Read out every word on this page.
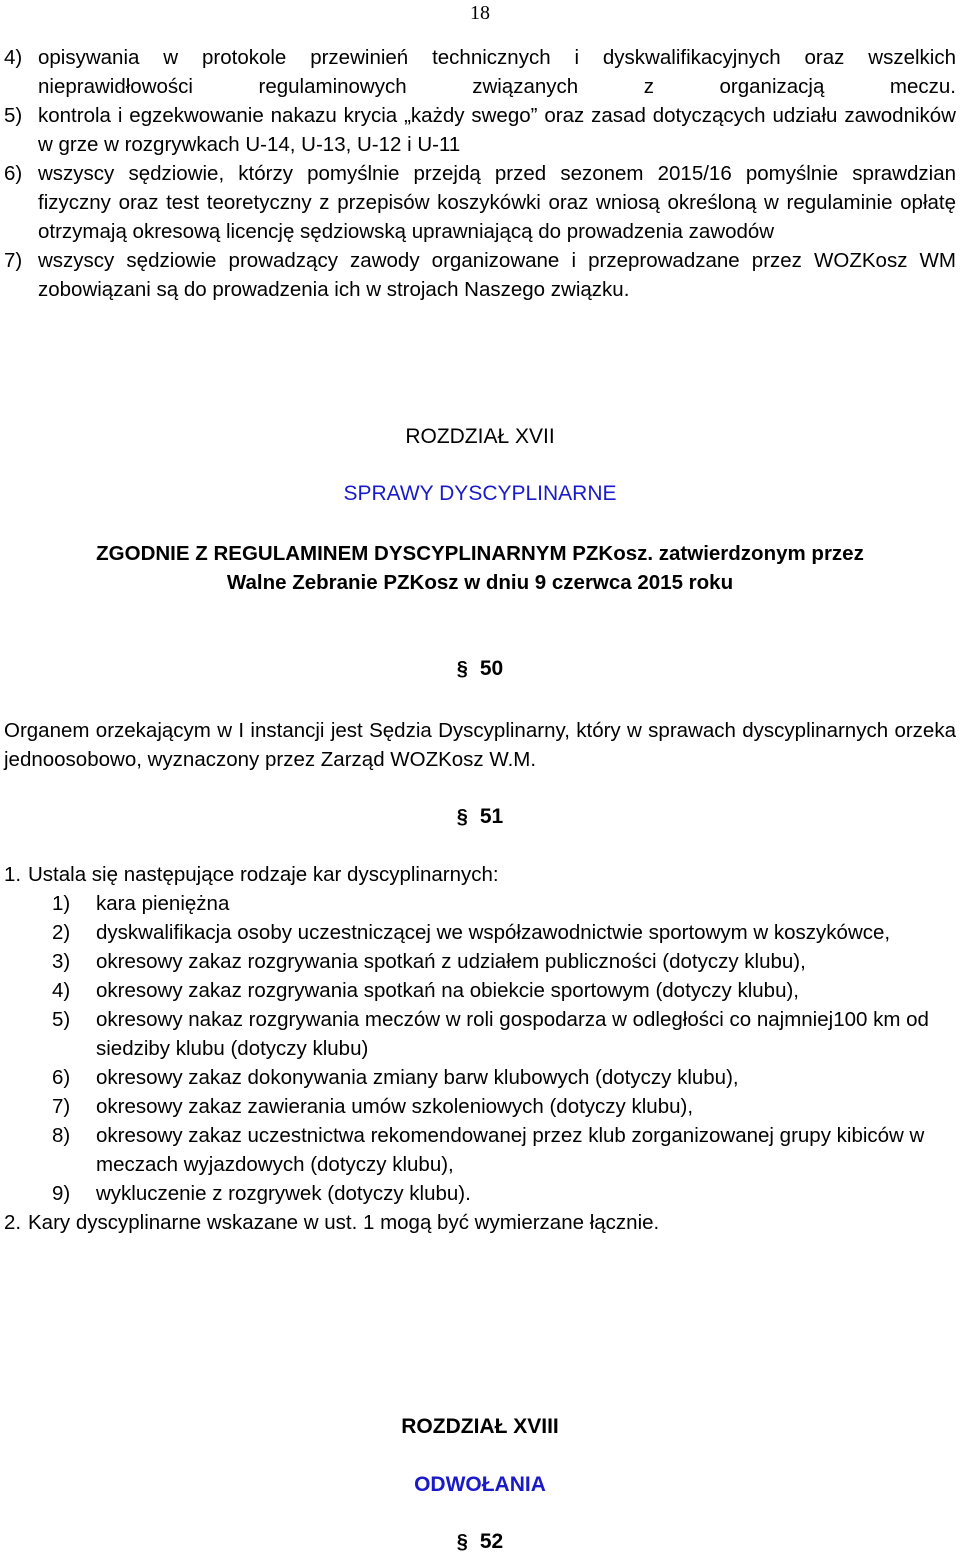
18
4) opisywania w protokole przewinień technicznych i dyskwalifikacyjnych oraz wszelkich nieprawidłowości regulaminowych związanych z organizacją meczu.
5) kontrola i egzekwowanie nakazu krycia „każdy swego” oraz zasad dotyczących udziału zawodników w grze w rozgrywkach U-14, U-13, U-12 i U-11
6) wszyscy sędziowie, którzy pomyślnie przejdą przed sezonem 2015/16 pomyślnie sprawdzian fizyczny oraz test teoretyczny z przepisów koszykówki oraz wniosą określoną w regulaminie opłatę otrzymają okresową licencję sędziowską uprawniającą do prowadzenia zawodów
7) wszyscy sędziowie prowadzący zawody organizowane i przeprowadzane przez WOZKosz WM zobowiązani są do prowadzenia ich w strojach Naszego związku.
ROZDZIAŁ XVII
SPRAWY DYSCYPLINARNE
ZGODNIE Z REGULAMINEM DYSCYPLINARNYM PZKosz. zatwierdzonym przez
Walne Zebranie PZKosz w dniu 9 czerwca 2015 roku
§ 50
Organem orzekającym w I instancji jest Sędzia Dyscyplinarny, który w sprawach dyscyplinarnych orzeka jednoosobowo, wyznaczony przez Zarząd WOZKosz W.M.
§ 51
1. Ustala się następujące rodzaje kar dyscyplinarnych:
1) kara pieniężna
2) dyskwalifikacja osoby uczestniczącej we współzawodnictwie sportowym w koszykówce,
3) okresowy zakaz rozgrywania spotkań z udziałem publiczności (dotyczy klubu),
4) okresowy zakaz rozgrywania spotkań na obiekcie sportowym (dotyczy klubu),
5) okresowy nakaz rozgrywania meczów w roli gospodarza w odległości co najmniej100 km od siedziby klubu (dotyczy klubu)
6) okresowy zakaz dokonywania zmiany barw klubowych (dotyczy klubu),
7) okresowy zakaz zawierania umów szkoleniowych (dotyczy klubu),
8) okresowy zakaz uczestnictwa rekomendowanej przez klub zorganizowanej grupy kibiców w meczach wyjazdowych (dotyczy klubu),
9) wykluczenie z rozgrywek (dotyczy klubu).
2. Kary dyscyplinarne wskazane w ust. 1 mogą być wymierzane łącznie.
ROZDZIAŁ XVIII
ODWOŁANIA
§ 52
